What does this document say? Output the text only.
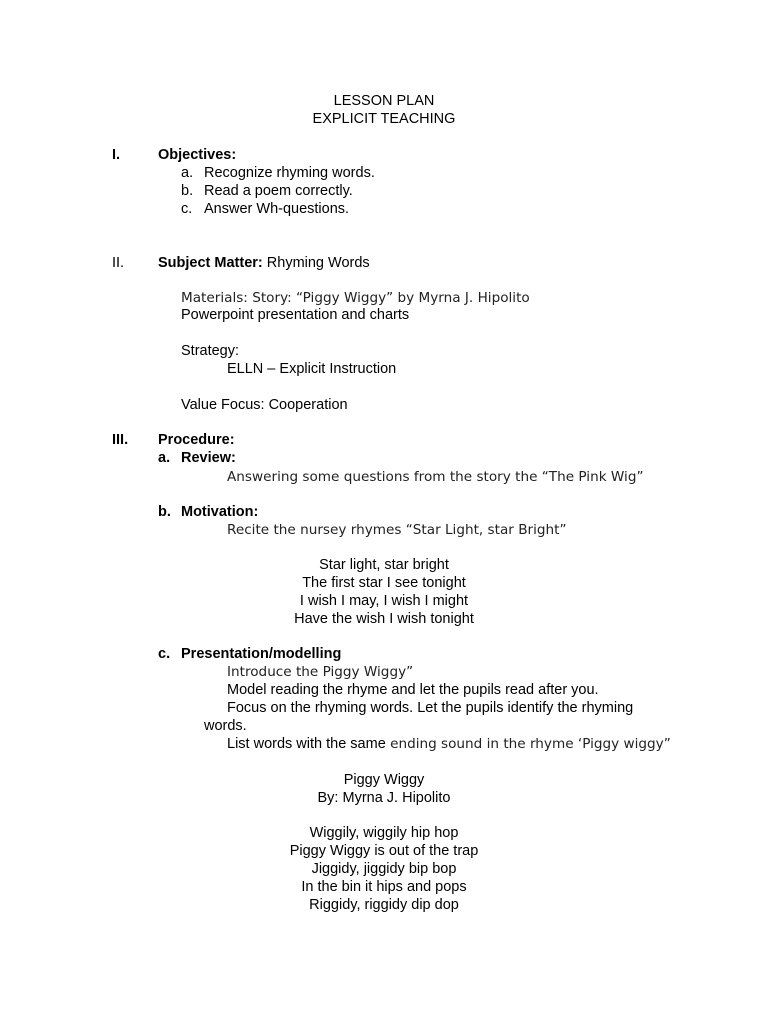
LESSON PLAN
EXPLICIT TEACHING
I.	Objectives:
a. Recognize rhyming words.
b. Read a poem correctly.
c. Answer Wh-questions.
II. Subject Matter: Rhyming Words
Materials: Story: “Piggy Wiggy” by Myrna J. Hipolito
Powerpoint presentation and charts
Strategy:
ELLN – Explicit Instruction
Value Focus: Cooperation
III. Procedure:
a. Review:
Answering some questions from the story the “The Pink Wig”
b. Motivation:
Recite the nursey rhymes “Star Light, star Bright”
Star light, star bright
The first star I see tonight
I wish I may, I wish I might
Have the wish I wish tonight
c. Presentation/modelling
Introduce the Piggy Wiggy”
Model reading the rhyme and let the pupils read after you.
Focus on the rhyming words. Let the pupils identify the rhyming
words.
List words with the same ending sound in the rhyme ‘Piggy wiggy”
Piggy Wiggy
By: Myrna J. Hipolito
Wiggily, wiggily hip hop
Piggy Wiggy is out of the trap
Jiggidy, jiggidy bip bop
In the bin it hips and pops
Riggidy, riggidy dip dop
